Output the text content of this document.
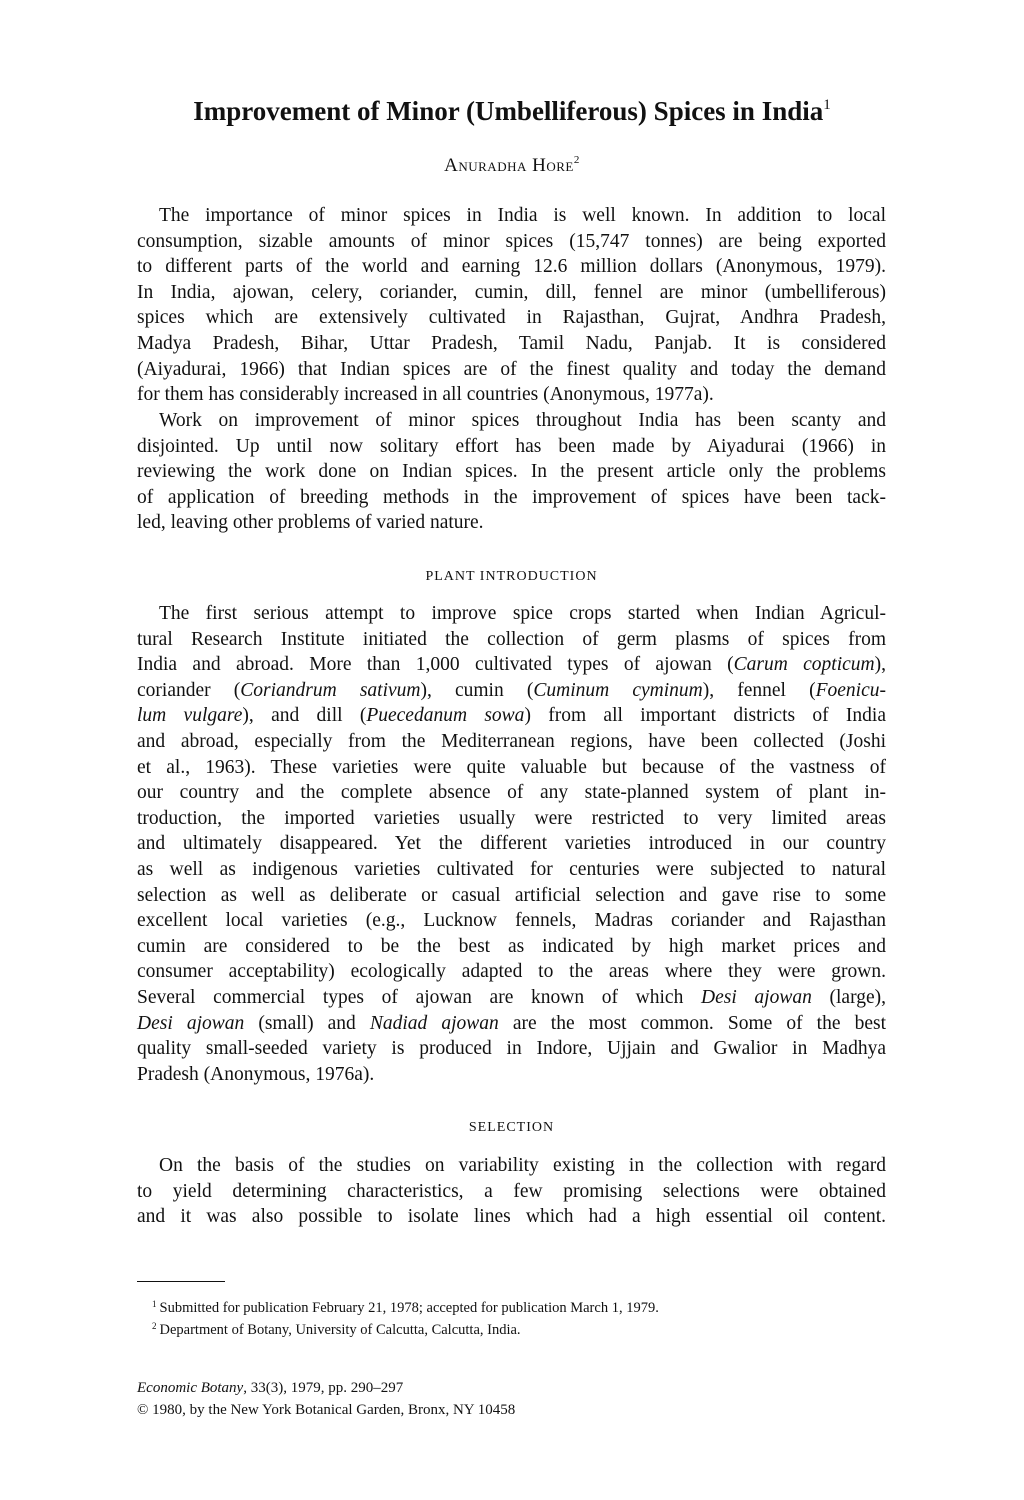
Improvement of Minor (Umbelliferous) Spices in India$^1$
Anuradha Hore$^2$
The importance of minor spices in India is well known. In addition to local
consumption, sizable amounts of minor spices (15,747 tonnes) are being exported
to different parts of the world and earning 12.6 million dollars (Anonymous, 1979).
In India, ajowan, celery, coriander, cumin, dill, fennel are minor (umbelliferous)
spices which are extensively cultivated in Rajasthan, Gujrat, Andhra Pradesh,
Madya Pradesh, Bihar, Uttar Pradesh, Tamil Nadu, Panjab. It is considered
(Aiyadurai, 1966) that Indian spices are of the finest quality and today the demand
for them has considerably increased in all countries (Anonymous, 1977a).
Work on improvement of minor spices throughout India has been scanty and
disjointed. Up until now solitary effort has been made by Aiyadurai (1966) in
reviewing the work done on Indian spices. In the present article only the problems
of application of breeding methods in the improvement of spices have been tack-
led, leaving other problems of varied nature.
PLANT INTRODUCTION
The first serious attempt to improve spice crops started when Indian Agricul-
tural Research Institute initiated the collection of germ plasms of spices from
India and abroad. More than 1,000 cultivated types of ajowan (Carum copticum),
coriander (Coriandrum sativum), cumin (Cuminum cyminum), fennel (Foenicu-
lum vulgare), and dill (Puecedanum sowa) from all important districts of India
and abroad, especially from the Mediterranean regions, have been collected (Joshi
et al., 1963). These varieties were quite valuable but because of the vastness of
our country and the complete absence of any state-planned system of plant in-
troduction, the imported varieties usually were restricted to very limited areas
and ultimately disappeared. Yet the different varieties introduced in our country
as well as indigenous varieties cultivated for centuries were subjected to natural
selection as well as deliberate or casual artificial selection and gave rise to some
excellent local varieties (e.g., Lucknow fennels, Madras coriander and Rajasthan
cumin are considered to be the best as indicated by high market prices and
consumer acceptability) ecologically adapted to the areas where they were grown.
Several commercial types of ajowan are known of which Desi ajowan (large),
Desi ajowan (small) and Nadiad ajowan are the most common. Some of the best
quality small-seeded variety is produced in Indore, Ujjain and Gwalior in Madhya
Pradesh (Anonymous, 1976a).
SELECTION
On the basis of the studies on variability existing in the collection with regard
to yield determining characteristics, a few promising selections were obtained
and it was also possible to isolate lines which had a high essential oil content.
$^1$ Submitted for publication February 21, 1978; accepted for publication March 1, 1979.
$^2$ Department of Botany, University of Calcutta, Calcutta, India.
Economic Botany, 33(3), 1979, pp. 290–297
© 1980, by the New York Botanical Garden, Bronx, NY 10458
